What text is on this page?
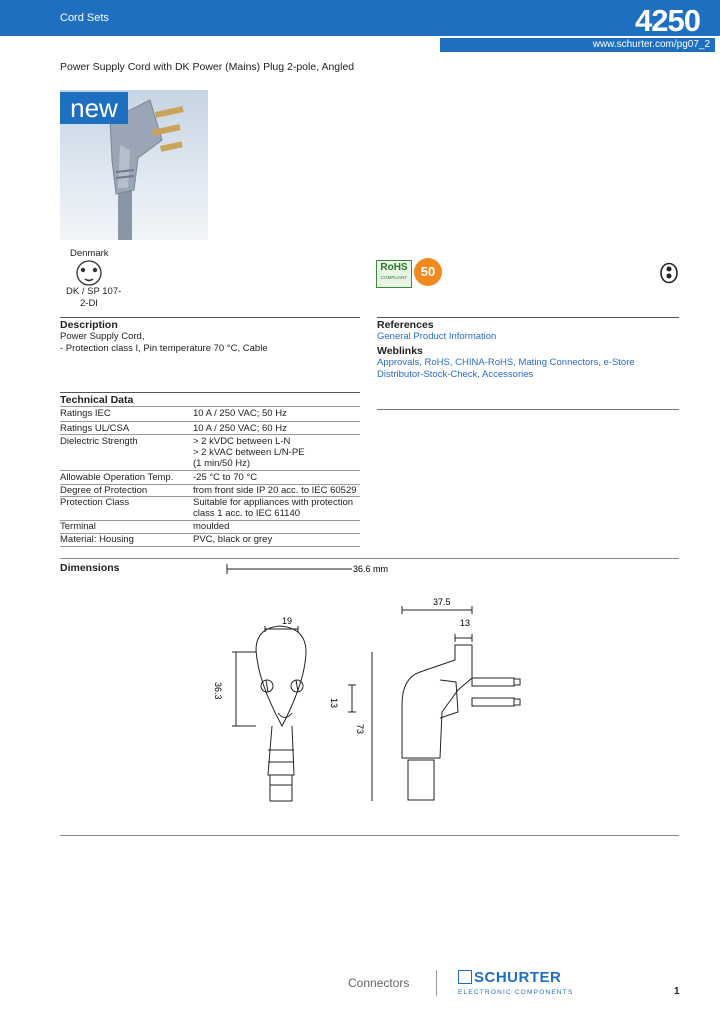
Cord Sets	4250
www.schurter.com/pg07_2
Power Supply Cord with DK Power (Mains) Plug 2-pole, Angled
new
Denmark
DK / SP 107-
2-DI
RoHS
COMPLIANT	50
Description
Power Supply Cord,
- Protection class I, Pin temperature 70 °C, Cable
References
General Product Information
Weblinks
Approvals, RoHS, CHINA-RoHS, Mating Connectors, e-Store
Distributor-Stock-Check, Accessories
Technical Data
Ratings IEC	10 A / 250 VAC; 50 Hz
Ratings UL/CSA	10 A / 250 VAC; 60 Hz
Dielectric Strength	> 2 kVDC between L-N
> 2 kVAC between L/N-PE
(1 min/50 Hz)
Allowable Operation Temp.	-25 °C to 70 °C
Degree of Protection	from front side IP 20 acc. to IEC 60529
Protection Class	Suitable for appliances with protection
class 1 acc. to IEC 61140
Terminal	moulded
Material: Housing	PVC, black or grey
Dimensions	36.6 mm
19
36.3
13
73
37.5
13
Connectors	SCHURTER
ELECTRONIC COMPONENTS	1
